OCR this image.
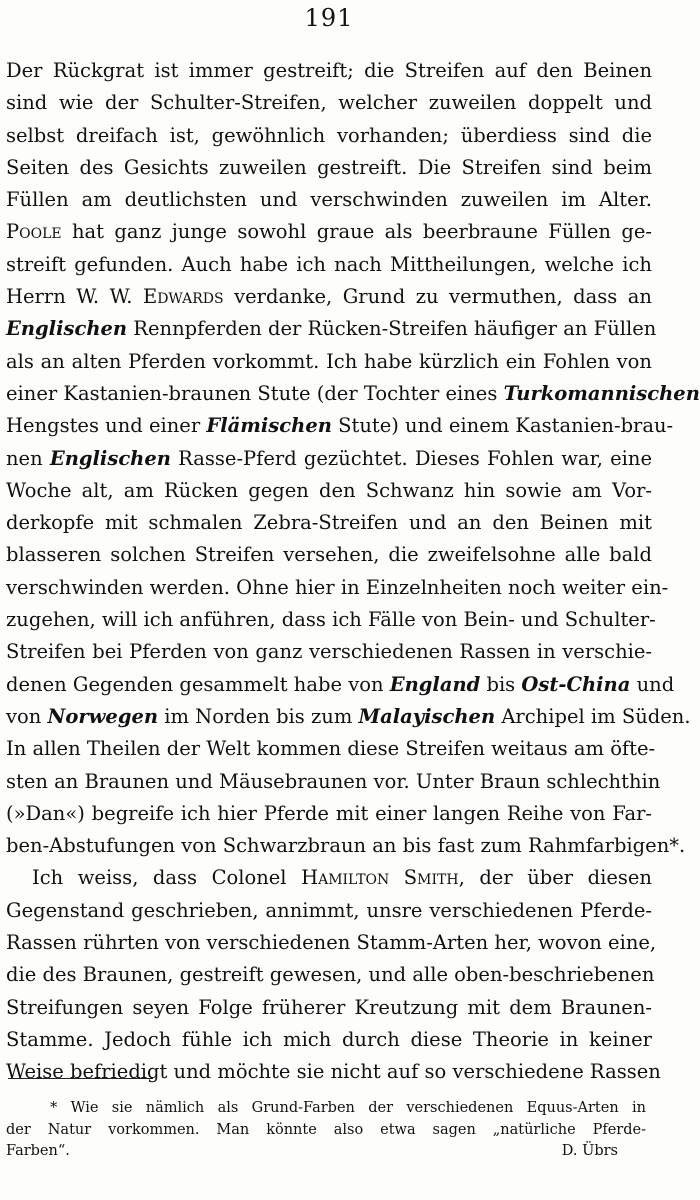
191
Der Rückgrat ist immer gestreift; die Streifen auf den Beinen
sind wie der Schulter-Streifen, welcher zuweilen doppelt und
selbst dreifach ist, gewöhnlich vorhanden; überdiess sind die
Seiten des Gesichts zuweilen gestreift. Die Streifen sind beim
Füllen am deutlichsten und verschwinden zuweilen im Alter.
Poole hat ganz junge sowohl graue als beerbraune Füllen ge-
streift gefunden. Auch habe ich nach Mittheilungen, welche ich
Herrn W. W. Edwards verdanke, Grund zu vermuthen, dass an
Englischen Rennpferden der Rücken-Streifen häufiger an Füllen
als an alten Pferden vorkommt. Ich habe kürzlich ein Fohlen von
einer Kastanien-braunen Stute (der Tochter eines Turkomannischen
Hengstes und einer Flämischen Stute) und einem Kastanien-brau-
nen Englischen Rasse-Pferd gezüchtet. Dieses Fohlen war, eine
Woche alt, am Rücken gegen den Schwanz hin sowie am Vor-
derkopfe mit schmalen Zebra-Streifen und an den Beinen mit
blasseren solchen Streifen versehen, die zweifelsohne alle bald
verschwinden werden. Ohne hier in Einzelnheiten noch weiter ein-
zugehen, will ich anführen, dass ich Fälle von Bein- und Schulter-
Streifen bei Pferden von ganz verschiedenen Rassen in verschie-
denen Gegenden gesammelt habe von England bis Ost-China und
von Norwegen im Norden bis zum Malayischen Archipel im Süden.
In allen Theilen der Welt kommen diese Streifen weitaus am öfte-
sten an Braunen und Mäusebraunen vor. Unter Braun schlechthin
(»Dan«) begreife ich hier Pferde mit einer langen Reihe von Far-
ben-Abstufungen von Schwarzbraun an bis fast zum Rahmfarbigen*.
Ich weiss, dass Colonel Hamilton Smith, der über diesen
Gegenstand geschrieben, annimmt, unsre verschiedenen Pferde-
Rassen rührten von verschiedenen Stamm-Arten her, wovon eine,
die des Braunen, gestreift gewesen, und alle oben-beschriebenen
Streifungen seyen Folge früherer Kreutzung mit dem Braunen-
Stamme. Jedoch fühle ich mich durch diese Theorie in keiner
Weise befriedigt und möchte sie nicht auf so verschiedene Rassen
* Wie sie nämlich als Grund-Farben der verschiedenen Equus-Arten in
der Natur vorkommen. Man könnte also etwa sagen „natürliche Pferde-
Farben“.	D. Übrs
